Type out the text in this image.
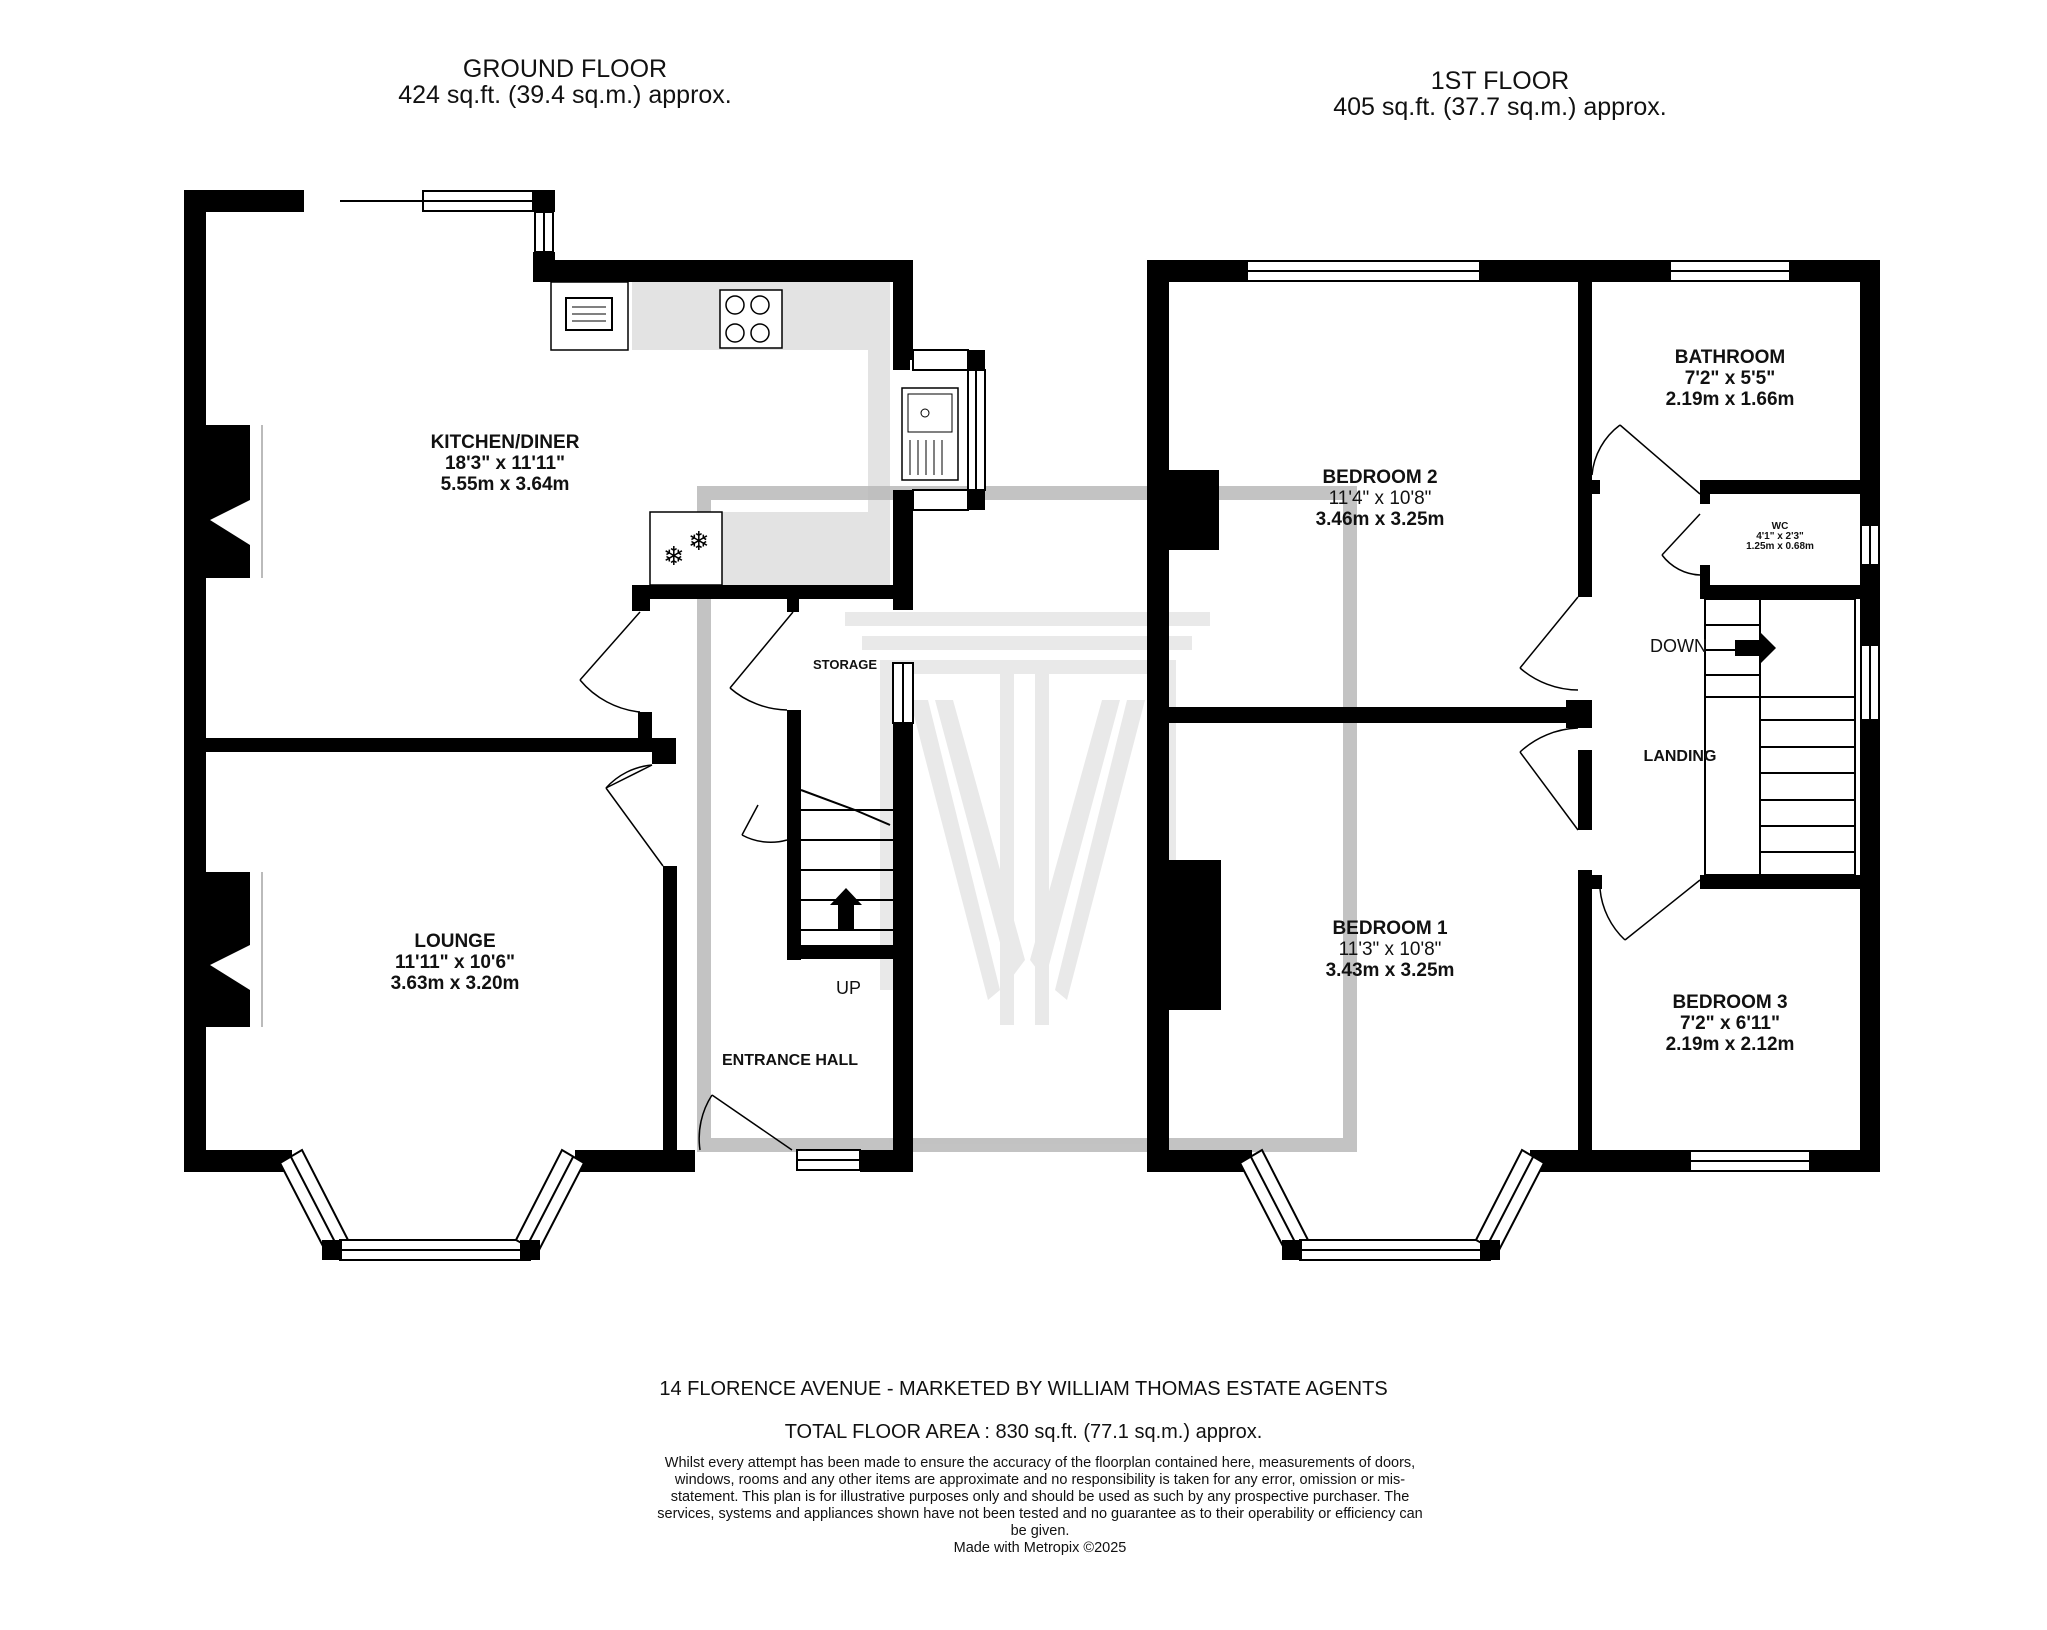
❄ ❄
GROUND FLOOR
424 sq.ft. (39.4 sq.m.) approx.	1ST FLOOR
405 sq.ft. (37.7 sq.m.) approx.
KITCHEN/DINER
18'3" x 11'11"
5.55m x 3.64m
LOUNGE
11'11" x 10'6"
3.63m x 3.20m
STORAGE
ENTRANCE HALL
UP
BEDROOM 2
11'4" x 10'8"
3.46m x 3.25m
BEDROOM 1
11'3" x 10'8"
3.43m x 3.25m
BATHROOM
7'2" x 5'5"
2.19m x 1.66m
WC
4'1" x 2'3"
1.25m x 0.68m
DOWN
LANDING
BEDROOM 3
7'2" x 6'11"
2.19m x 2.12m
14 FLORENCE AVENUE - MARKETED BY WILLIAM THOMAS ESTATE AGENTS
TOTAL FLOOR AREA : 830 sq.ft. (77.1 sq.m.) approx.
Whilst every attempt has been made to ensure the accuracy of the floorplan contained here, measurements of doors, windows, rooms and any other items are approximate and no responsibility is taken for any error, omission or mis-statement. This plan is for illustrative purposes only and should be used as such by any prospective purchaser. The services, systems and appliances shown have not been tested and no guarantee as to their operability or efficiency can be given.
Made with Metropix ©2025
